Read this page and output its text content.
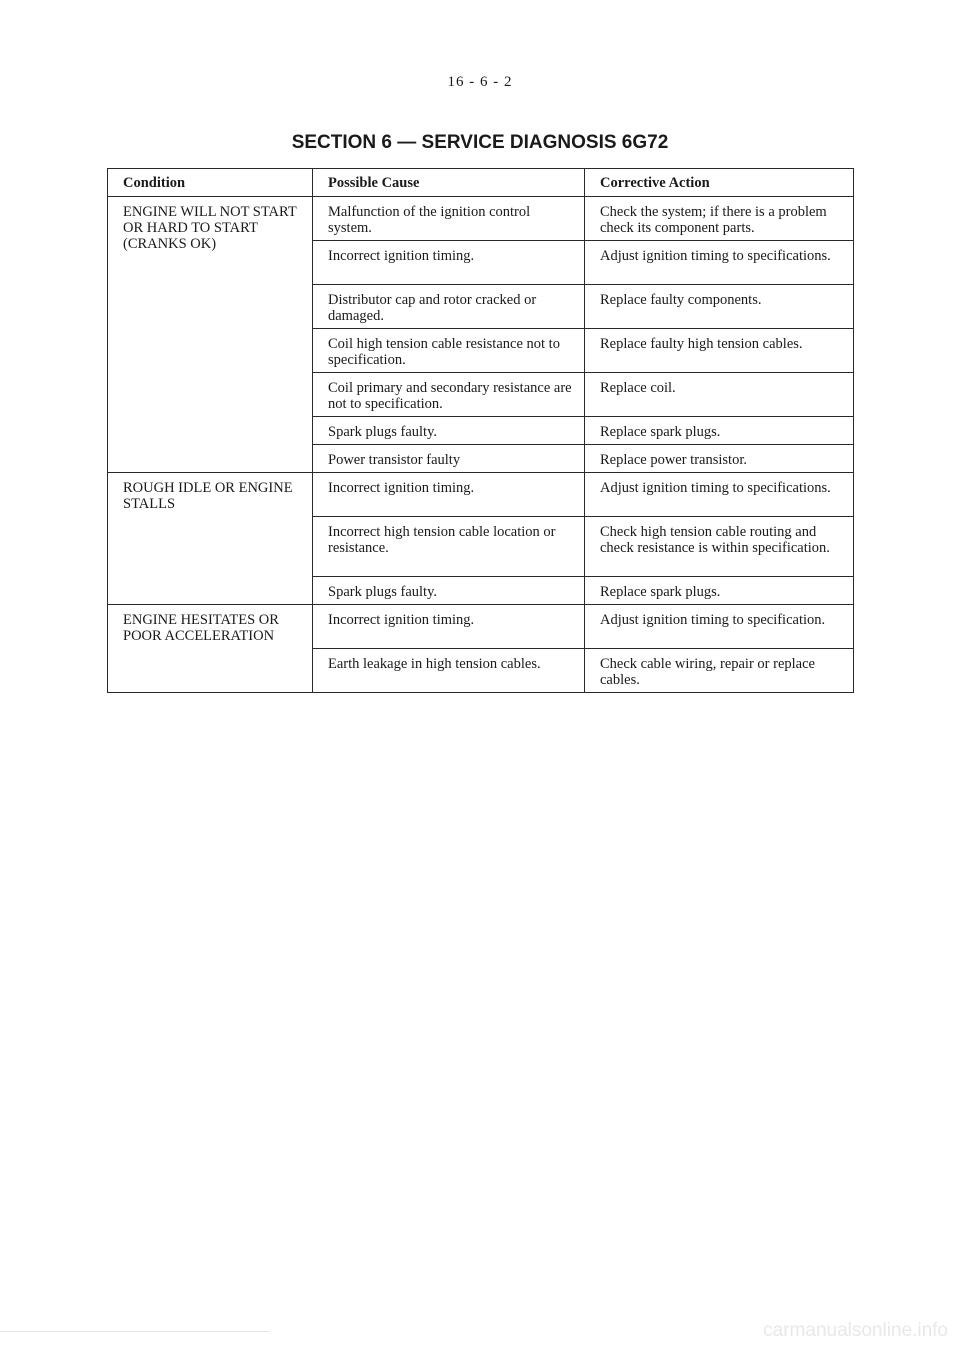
16 - 6 - 2
SECTION 6 — SERVICE DIAGNOSIS 6G72
Condition	Possible Cause	Corrective Action
ENGINE WILL NOT START OR HARD TO START (CRANKS OK)	Malfunction of the ignition control system.	Check the system; if there is a problem check its component parts.
	Incorrect ignition timing.	Adjust ignition timing to specifications.
	Distributor cap and rotor cracked or damaged.	Replace faulty components.
	Coil high tension cable resistance not to specification.	Replace faulty high tension cables.
	Coil primary and secondary resistance are not to specification.	Replace coil.
	Spark plugs faulty.	Replace spark plugs.
	Power transistor faulty	Replace power transistor.
ROUGH IDLE OR ENGINE STALLS	Incorrect ignition timing.	Adjust ignition timing to specifications.
	Incorrect high tension cable location or resistance.	Check high tension cable routing and check resistance is within specification.
	Spark plugs faulty.	Replace spark plugs.
ENGINE HESITATES OR POOR ACCELERATION	Incorrect ignition timing.	Adjust ignition timing to specification.
	Earth leakage in high tension cables.	Check cable wiring, repair or replace cables.
carmanualsonline.info
